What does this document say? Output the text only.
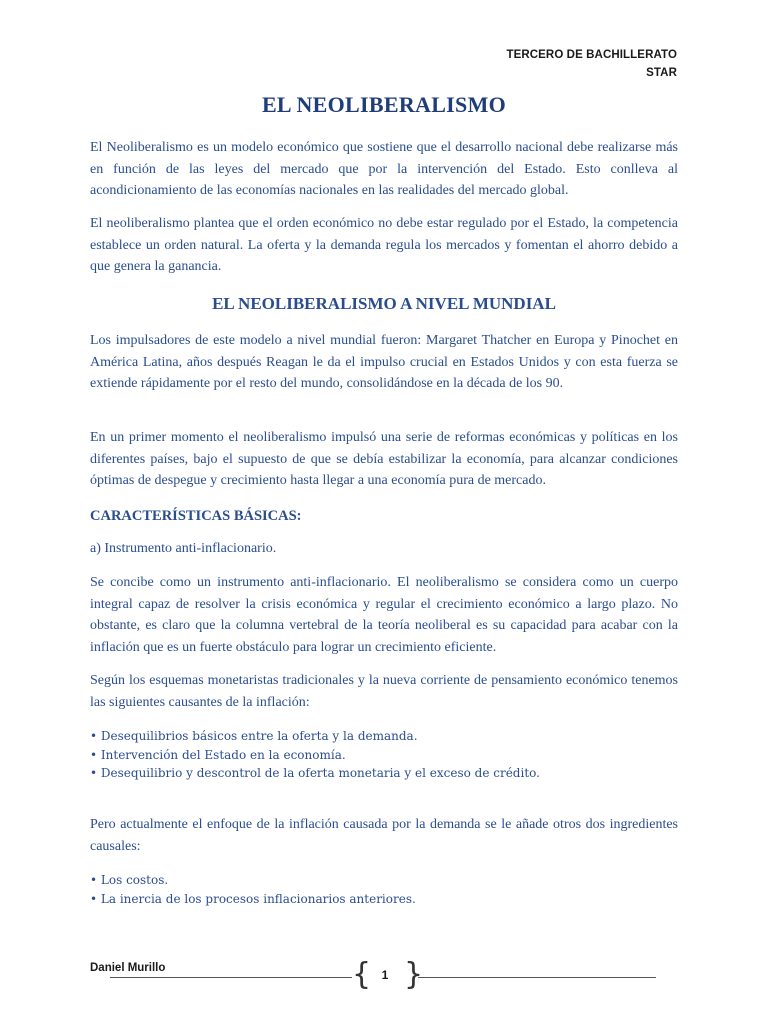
TERCERO DE BACHILLERATO
STAR
EL NEOLIBERALISMO

El Neoliberalismo es un modelo económico que sostiene que el desarrollo nacional debe realizarse más en función de las leyes del mercado que por la intervención del Estado. Esto conlleva al acondicionamiento de las economías nacionales en las realidades del mercado global.

El neoliberalismo plantea que el orden económico no debe estar regulado por el Estado, la competencia establece un orden natural. La oferta y la demanda regula los mercados y fomentan el ahorro debido a que genera la ganancia.

EL NEOLIBERALISMO A NIVEL MUNDIAL

Los impulsadores de este modelo a nivel mundial fueron: Margaret Thatcher en Europa y Pinochet en América Latina, años después Reagan le da el impulso crucial en Estados Unidos y con esta fuerza se extiende rápidamente por el resto del mundo, consolidándose en la década de los 90.

En un primer momento el neoliberalismo impulsó una serie de reformas económicas y políticas en los diferentes países, bajo el supuesto de que se debía estabilizar la economía, para alcanzar condiciones óptimas de despegue y crecimiento hasta llegar a una economía pura de mercado.

CARACTERÍSTICAS BÁSICAS:

a) Instrumento anti-inflacionario.

Se concibe como un instrumento anti-inflacionario. El neoliberalismo se considera como un cuerpo integral capaz de resolver la crisis económica y regular el crecimiento económico a largo plazo. No obstante, es claro que la columna vertebral de la teoría neoliberal es su capacidad para acabar con la inflación que es un fuerte obstáculo para lograr un crecimiento eficiente.

Según los esquemas monetaristas tradicionales y la nueva corriente de pensamiento económico tenemos las siguientes causantes de la inflación:

• Desequilibrios básicos entre la oferta y la demanda.
• Intervención del Estado en la economía.
• Desequilibrio y descontrol de la oferta monetaria y el exceso de crédito.

Pero actualmente el enfoque de la inflación causada por la demanda se le añade otros dos ingredientes causales:

• Los costos.
• La inercia de los procesos inflacionarios anteriores.
Daniel Murillo	{ 1 }
